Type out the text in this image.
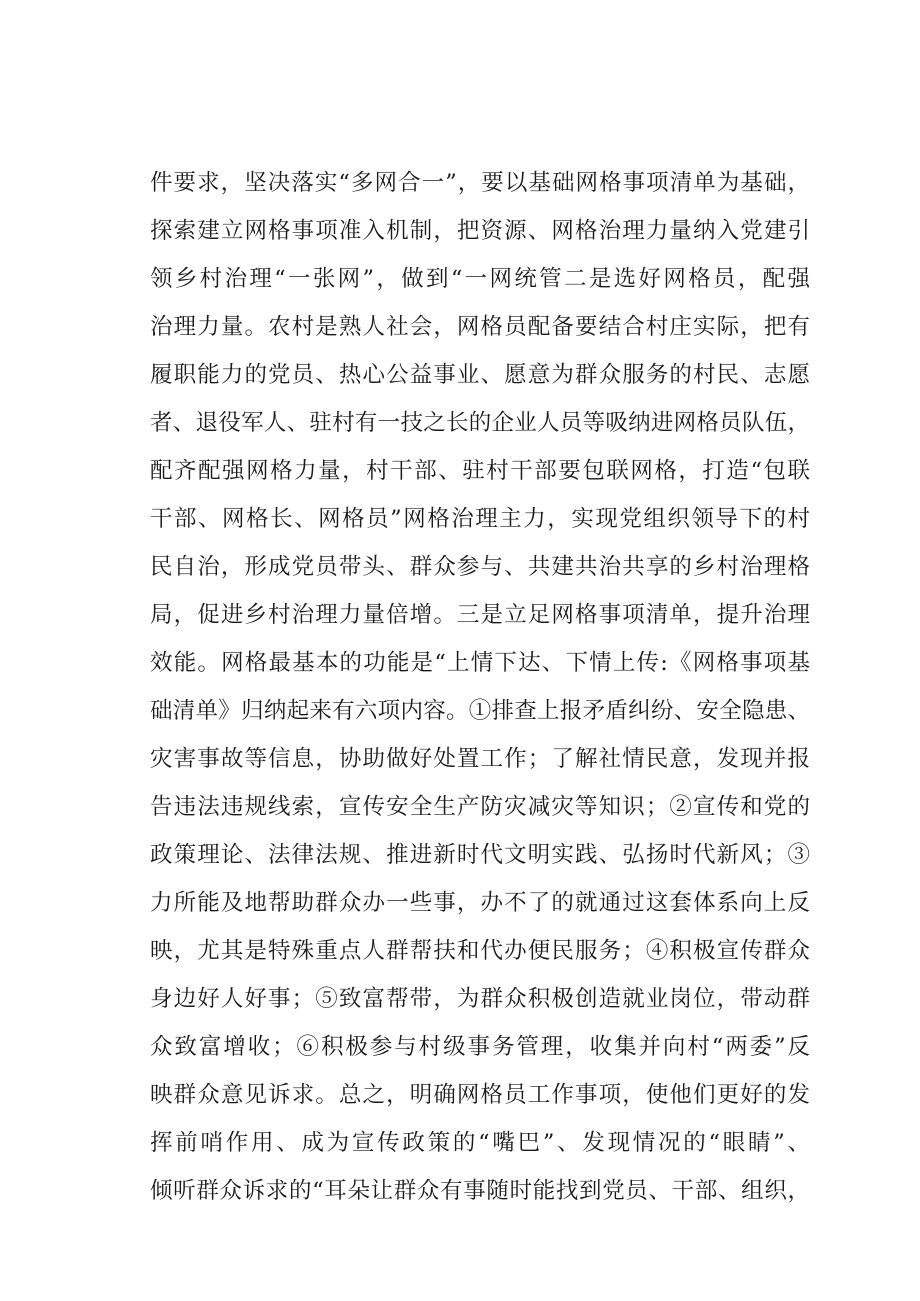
件要求，坚决落实“多网合一”，要以基础网格事项清单为基础，
探索建立网格事项准入机制，把资源、网格治理力量纳入党建引
领乡村治理“一张网”，做到“一网统管二是选好网格员，配强
治理力量。农村是熟人社会，网格员配备要结合村庄实际，把有
履职能力的党员、热心公益事业、愿意为群众服务的村民、志愿
者、退役军人、驻村有一技之长的企业人员等吸纳进网格员队伍，
配齐配强网格力量，村干部、驻村干部要包联网格，打造“包联
干部、网格长、网格员”网格治理主力，实现党组织领导下的村
民自治，形成党员带头、群众参与、共建共治共享的乡村治理格
局，促进乡村治理力量倍增。三是立足网格事项清单，提升治理
效能。网格最基本的功能是“上情下达、下情上传:《网格事项基
础清单》归纳起来有六项内容。①排查上报矛盾纠纷、安全隐患、
灾害事故等信息，协助做好处置工作；了解社情民意，发现并报
告违法违规线索，宣传安全生产防灾减灾等知识；②宣传和党的
政策理论、法律法规、推进新时代文明实践、弘扬时代新风；③
力所能及地帮助群众办一些事，办不了的就通过这套体系向上反
映，尤其是特殊重点人群帮扶和代办便民服务；④积极宣传群众
身边好人好事；⑤致富帮带，为群众积极创造就业岗位，带动群
众致富增收；⑥积极参与村级事务管理，收集并向村“两委”反
映群众意见诉求。总之，明确网格员工作事项，使他们更好的发
挥前哨作用、成为宣传政策的“嘴巴”、发现情况的“眼睛”、
倾听群众诉求的“耳朵让群众有事随时能找到党员、干部、组织，
